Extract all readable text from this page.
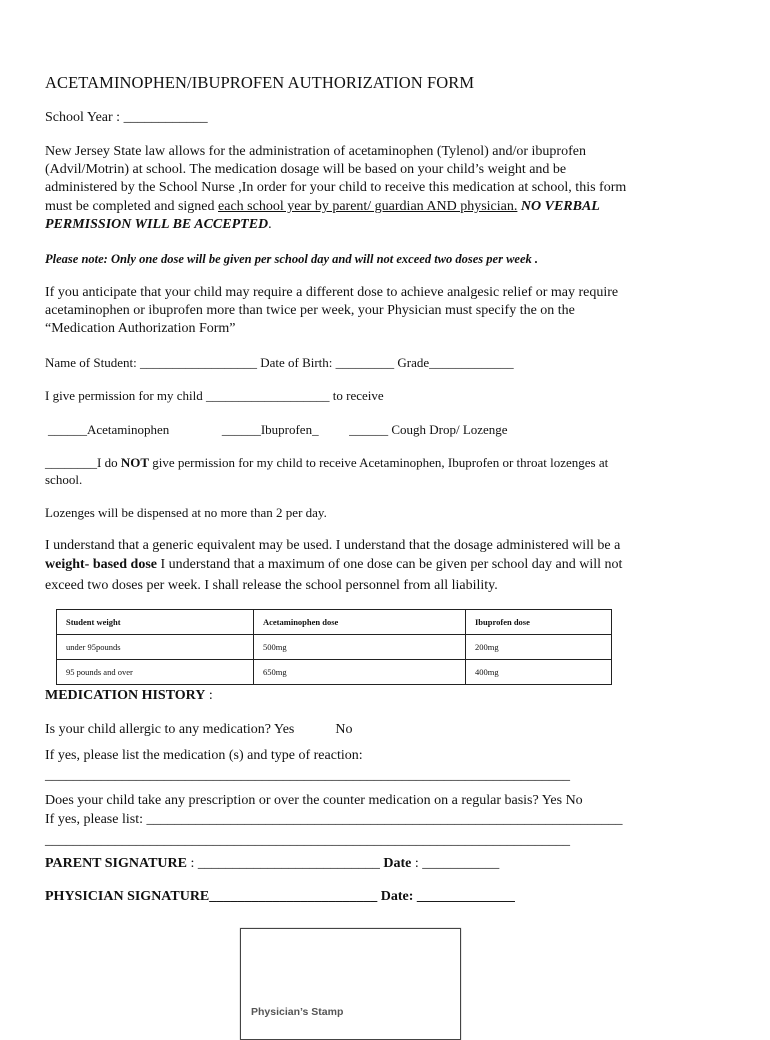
ACETAMINOPHEN/IBUPROFEN AUTHORIZATION FORM

School Year : ____________

New Jersey State law allows for the administration of acetaminophen (Tylenol) and/or ibuprofen

(Advil/Motrin) at school. The medication dosage will be based on your child’s weight and be

administered by the School Nurse ,In order for your child to receive this medication at school, this form

must be completed and signed each school year by parent/ guardian AND physician. NO VERBAL

PERMISSION WILL BE ACCEPTED.

Please note: Only one dose will be given per school day and will not exceed two doses per week .

If you anticipate that your child may require a different dose to achieve analgesic relief or may require

acetaminophen or ibuprofen more than twice per week, your Physician must specify the on the

“Medication Authorization Form”

Name of Student: __________________ Date of Birth: _________ Grade_____________

I give permission for my child ___________________ to receive

______Acetaminophen	______Ibuprofen_ ______ Cough Drop/ Lozenge

________I do NOT give permission for my child to receive Acetaminophen, Ibuprofen or throat lozenges at

school.

Lozenges will be dispensed at no more than 2 per day.

I understand that a generic equivalent may be used. I understand that the dosage administered will be a

weight- based dose I understand that a maximum of one dose can be given per school day and will not

exceed two doses per week. I shall release the school personnel from all liability.

Student weight	Acetaminophen dose	Ibuprofen dose
under 95pounds	500mg	200mg
95 pounds and over	650mg	400mg

MEDICATION HISTORY :

Is your child allergic to any medication? Yes	No

If yes, please list the medication (s) and type of reaction:

___________________________________________________________________________

Does your child take any prescription or over the counter medication on a regular basis? Yes No

If yes, please list: ____________________________________________________________________

___________________________________________________________________________

PARENT SIGNATURE : __________________________ Date : ___________

PHYSICIAN SIGNATURE________________________ Date: ______________

Physician’s Stamp
